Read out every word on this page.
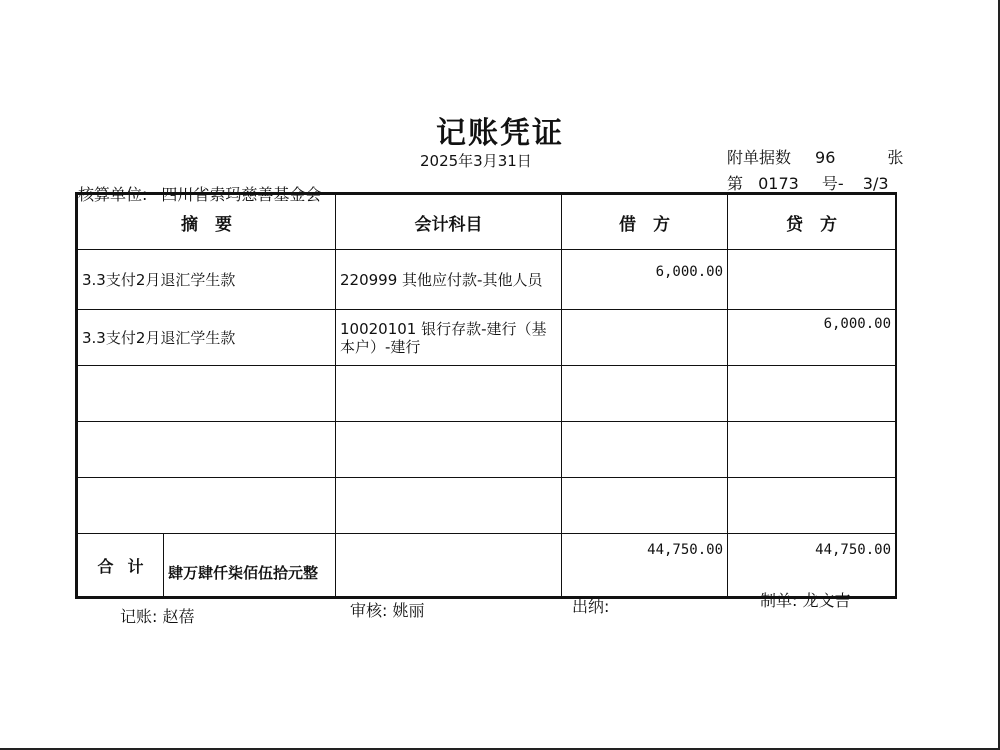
记账凭证
2025年3月31日	附单据数 96	张
第 0173 号- 3/3
核算单位: 四川省索玛慈善基金会
摘　要	会计科目	借　方	贷　方
3.3支付2月退汇学生款	220999 其他应付款-其他人员	6,000.00	
3.3支付2月退汇学生款	10020101 银行存款-建行（基本户）-建行		6,000.00

合计 肆万肆仟柒佰伍拾元整		44,750.00	44,750.00
记账: 赵蓓	审核: 姚丽	出纳:	制单: 龙文吉
